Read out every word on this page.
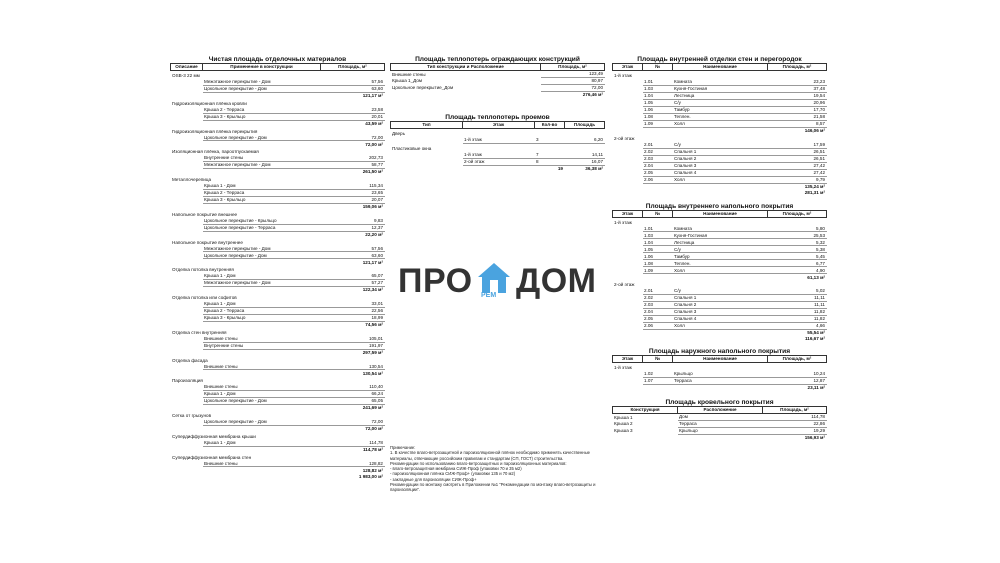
Чистая площадь отделочных материалов
Описание	Применение в конструкции	Площадь, м²
OSB-3 22 мм		
	Межэтажное перекрытие - Дом	57,56
	Цокольное перекрытие - Дом	63,60
		121,17 м²
Гидроизоляционная плёнка кровли		
	Крыша 2 - Терраса	23,58
	Крыша 3 - Крыльцо	20,01
		43,59 м²
Гидроизоляционная плёнка перекрытия		
	Цокольное перекрытие - Дом	72,00
		72,00 м²
Изоляционная плёнка, пароотпускаемая		
	Внутренние стены	202,73
	Межэтажное перекрытие - Дом	58,77
		261,50 м²
Металлочерепица		
	Крыша 1 - Дом	115,34
	Крыша 2 - Терраса	23,65
	Крыша 3 - Крыльцо	20,07
		159,06 м²
Напольное покрытие внешнее		
	Цокольное перекрытие - Крыльцо	9,83
	Цокольное перекрытие - Терраса	12,37
		22,20 м²
Напольное покрытие внутреннее		
	Межэтажное перекрытие - Дом	57,56
	Цокольное перекрытие - Дом	63,60
		121,17 м²
Отделка потолка внутренняя		
	Крыша 1 - Дом	65,07
	Межэтажное перекрытие - Дом	57,27
		122,34 м²
Отделка потолка или софитов		
	Крыша 1 - Дом	33,01
	Крыша 2 - Терраса	22,56
	Крыша 3 - Крыльцо	18,99
		74,56 м²
Отделка стен внутренняя		
	Внешние стены	105,01
	Внутренние стены	191,97
		297,59 м²
Отделка фасада		
	Внешние стены	130,54
		130,54 м²
Пароизоляция		
	Внешние стены	110,40
	Крыша 1 - Дом	66,24
	Цокольное перекрытие - Дом	65,05
		241,69 м²
Сетка от грызунов		
	Цокольное перекрытие - Дом	72,00
		72,00 м²
Супердиффузионная мембрана крыши		
	Крыша 1 - Дом	114,78
		114,78 м²
Супердиффузионная мембрана стен		
	Внешние стены	128,82
		128,82 м²
		1 983,00 м²
Площадь теплопотерь ограждающих конструкций
Тип конструкции и Расположение	Площадь, м²
Внешние стены	123,49
Крыша 1_Дом	80,97
Цокольное перекрытие_Дом	72,00
276,46 м²	
Площадь теплопотерь проемов
Тип	Этаж	Кол-во	Площадь
Дверь			
	1-й этаж	3	6,20
Пластиковые окна			
	1-й этаж	7	14,11
	2-ой этаж	8	16,07
		19	36,38 м²
ПРО РЕМ ДОМ
Примечание:
1. В качестве влаго-ветрозащитной и пароизоляционной плёнок необходимо применять качественные материалы, отвечающие российским правилам и стандартам (СП, ГОСТ) строительства.
Рекомендации по использованию влаго-ветрозащитных и пароизоляционных материалов:
- влаго-ветрозащитная мембрана СИЖ-Проф (упаковки 70 и 35 м2)
- пароизоляционная плёнка СИЖ-Проф+ (упаковки 135 и 70 м2)
- закладные для пароизоляции СИЖ-Проф+
Рекомендации по монтажу смотреть в Приложении №1 "Рекомендации по монтажу влаго-ветрозащиты и пароизоляции".
Площадь внутренней отделки стен и перегородок
Этаж	№	Наименование	Площадь, м²
1-й этаж			
	1.01	Комната	23,23
	1.03	Кухня-Гостиная	37,48
	1.04	Лестница	19,54
	1.05	С/у	20,96
	1.06	Тамбур	17,70
	1.08	Теплен.	21,58
	1.09	Холл	8,57
			146,06 м²
2-ой этаж			
	2.01	С/у	17,59
	2.02	Спальня 1	26,51
	2.03	Спальня 2	26,51
	2.04	Спальня 3	27,42
	2.05	Спальня 4	27,42
	2.06	Холл	9,79
			135,24 м²
			281,31 м²
Площадь внутреннего напольного покрытия
Этаж	№	Наименование	Площадь, м²
1-й этаж			
	1.01	Комната	5,80
	1.03	Кухня-Гостиная	25,53
	1.04	Лестница	5,32
	1.05	С/у	5,38
	1.06	Тамбур	5,45
	1.08	Теплен.	6,77
	1.09	Холл	4,90
			61,13 м²
2-ой этаж			
	2.01	С/у	5,02
	2.02	Спальня 1	11,11
	2.03	Спальня 2	11,11
	2.04	Спальня 3	11,82
	2.05	Спальня 4	11,82
	2.06	Холл	4,66
			55,54 м²
			116,67 м²
Площадь наружного напольного покрытия
Этаж	№	Наименование	Площадь, м²
1-й этаж			
	1.02	Крыльцо	10,24
	1.07	Терраса	12,87
			23,11 м²
Площадь кровельного покрытия
Конструкция	Расположение	Площадь, м²
Крыша 1	Дом	114,78
Крыша 2	Терраса	22,86
Крыша 3	Крыльцо	19,29
156,93 м²		
